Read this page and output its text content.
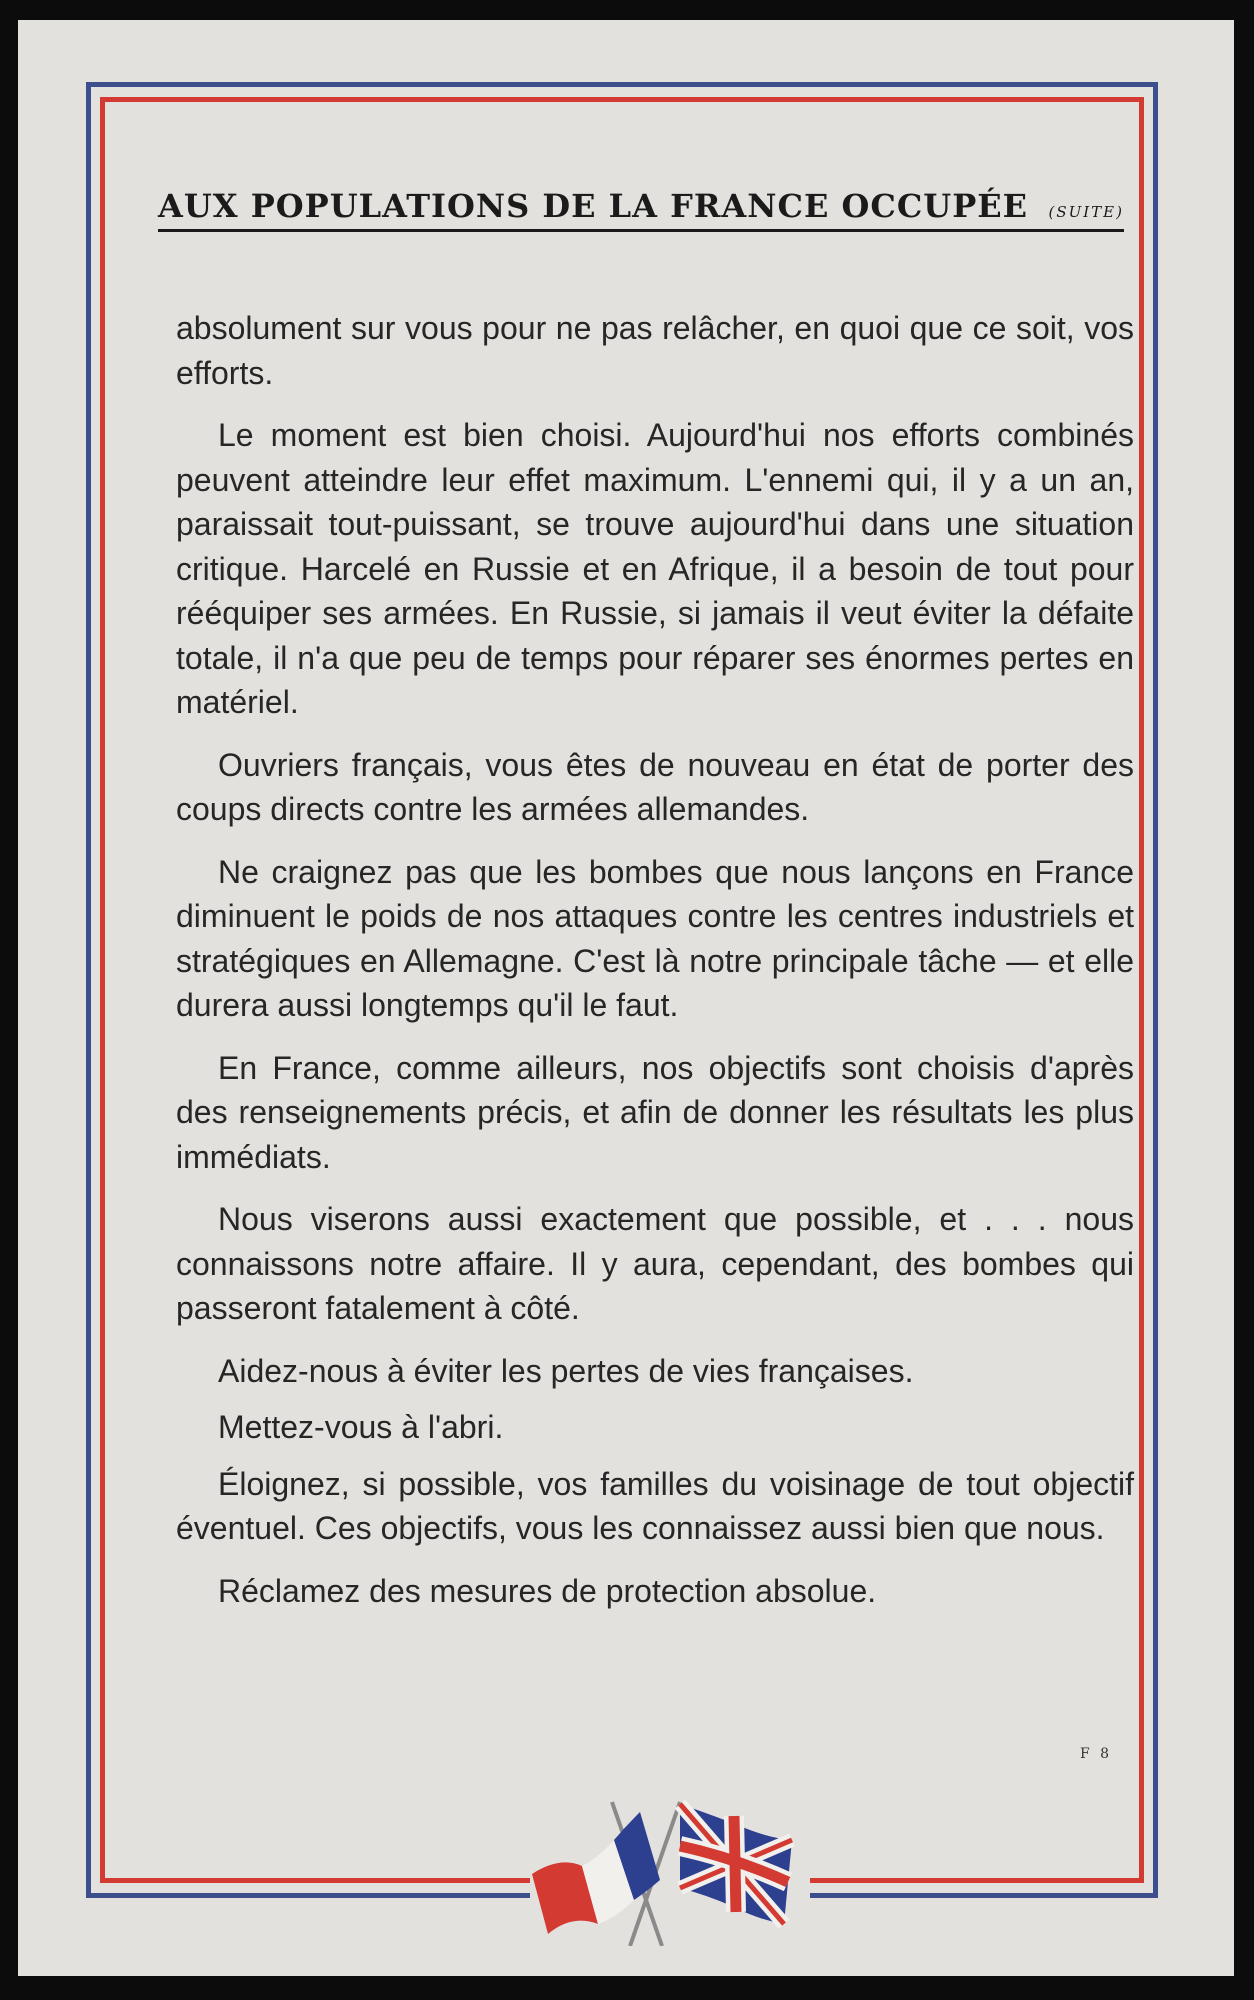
AUX POPULATIONS DE LA FRANCE OCCUPÉE (SUITE)

absolument sur vous pour ne pas relâcher, en quoi que ce soit, vos efforts.

Le moment est bien choisi. Aujourd'hui nos efforts combinés peuvent atteindre leur effet maximum. L'ennemi qui, il y a un an, paraissait tout-puissant, se trouve aujourd'hui dans une situation critique. Harcelé en Russie et en Afrique, il a besoin de tout pour rééquiper ses armées. En Russie, si jamais il veut éviter la défaite totale, il n'a que peu de temps pour réparer ses énormes pertes en matériel.

Ouvriers français, vous êtes de nouveau en état de porter des coups directs contre les armées allemandes.

Ne craignez pas que les bombes que nous lançons en France diminuent le poids de nos attaques contre les centres industriels et stratégiques en Allemagne. C'est là notre principale tâche — et elle durera aussi longtemps qu'il le faut.

En France, comme ailleurs, nos objectifs sont choisis d'après des renseignements précis, et afin de donner les résultats les plus immédiats.

Nous viserons aussi exactement que possible, et . . . nous connaissons notre affaire. Il y aura, cependant, des bombes qui passeront fatalement à côté.

Aidez-nous à éviter les pertes de vies françaises.

Mettez-vous à l'abri.

Éloignez, si possible, vos familles du voisinage de tout objectif éventuel. Ces objectifs, vous les connaissez aussi bien que nous.

Réclamez des mesures de protection absolue.

F 8
